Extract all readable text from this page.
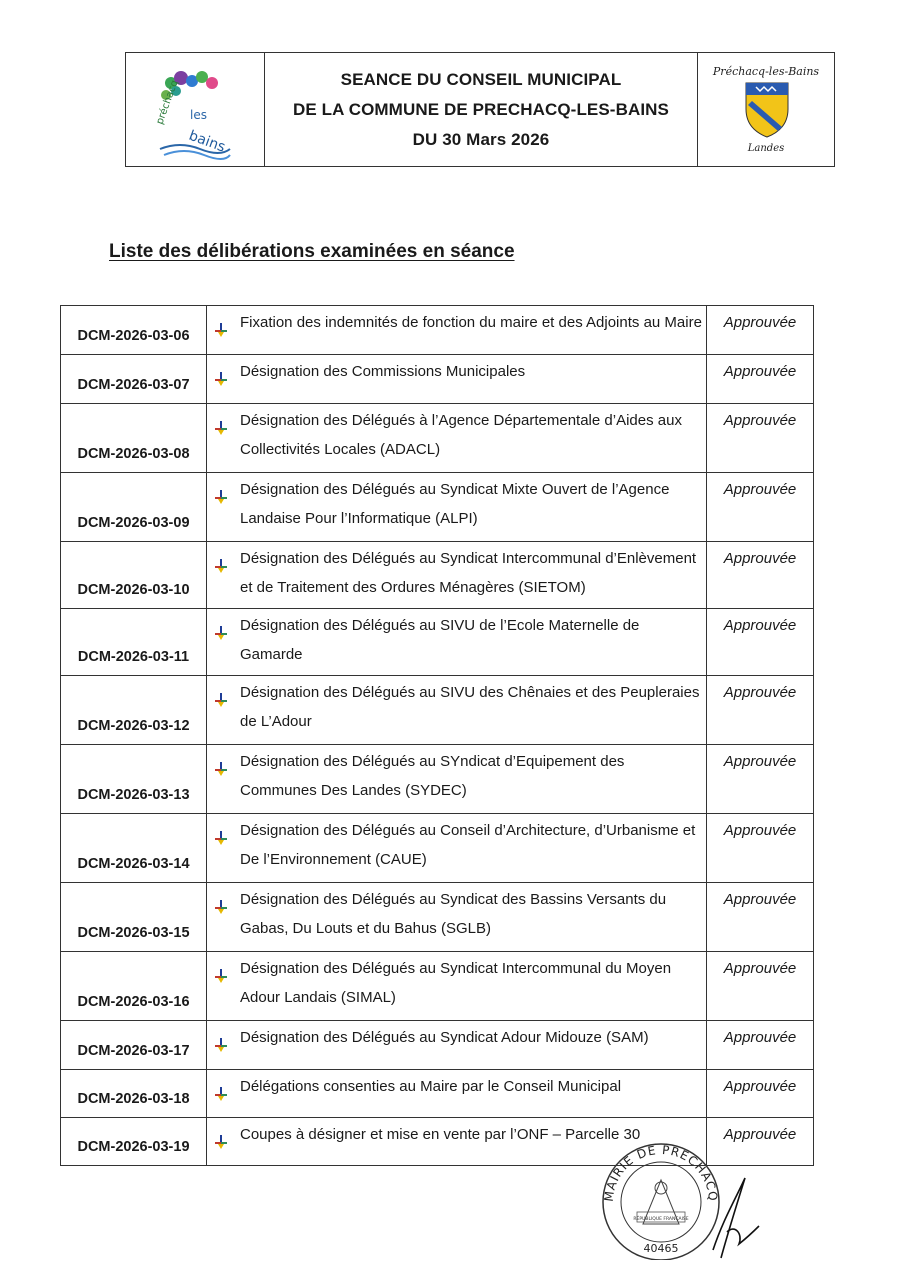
préchacq les
bains
SEANCE DU CONSEIL MUNICIPAL
DE LA COMMUNE DE PRECHACQ-LES-BAINS
DU 30 Mars 2026
Préchacq-les-Bains
Landes
Liste des délibérations examinées en séance
DCM-2026-03-06	Fixation des indemnités de fonction du maire et des Adjoints au Maire	Approuvée

DCM-2026-03-07	Désignation des Commissions Municipales	Approuvée

DCM-2026-03-08	Désignation des Délégués à l’Agence Départementale d’Aides aux Collectivités Locales (ADACL)	Approuvée

DCM-2026-03-09	Désignation des Délégués au Syndicat Mixte Ouvert de l’Agence Landaise Pour l’Informatique (ALPI)	Approuvée

DCM-2026-03-10	Désignation des Délégués au Syndicat Intercommunal d’Enlèvement et de Traitement des Ordures Ménagères (SIETOM)	Approuvée

DCM-2026-03-11	Désignation des Délégués au SIVU de l’Ecole Maternelle de Gamarde	Approuvée

DCM-2026-03-12	Désignation des Délégués au SIVU des Chênaies et des Peupleraies de L’Adour	Approuvée

DCM-2026-03-13	Désignation des Délégués au SYndicat d’Equipement des Communes Des Landes (SYDEC)	Approuvée

DCM-2026-03-14	Désignation des Délégués au Conseil d’Architecture, d’Urbanisme et De l’Environnement (CAUE)	Approuvée

DCM-2026-03-15	Désignation des Délégués au Syndicat des Bassins Versants du Gabas, Du Louts et du Bahus (SGLB)	Approuvée

DCM-2026-03-16	Désignation des Délégués au Syndicat Intercommunal du Moyen Adour Landais (SIMAL)	Approuvée

DCM-2026-03-17	Désignation des Délégués au Syndicat Adour Midouze (SAM)	Approuvée

DCM-2026-03-18	Délégations consenties au Maire par le Conseil Municipal	Approuvée

DCM-2026-03-19	Coupes à désigner et mise en vente par l’ONF – Parcelle 30	Approuvée
MAIRIE DE PRECHACQ
RÉPUBLIQUE FRANÇAISE
40465
